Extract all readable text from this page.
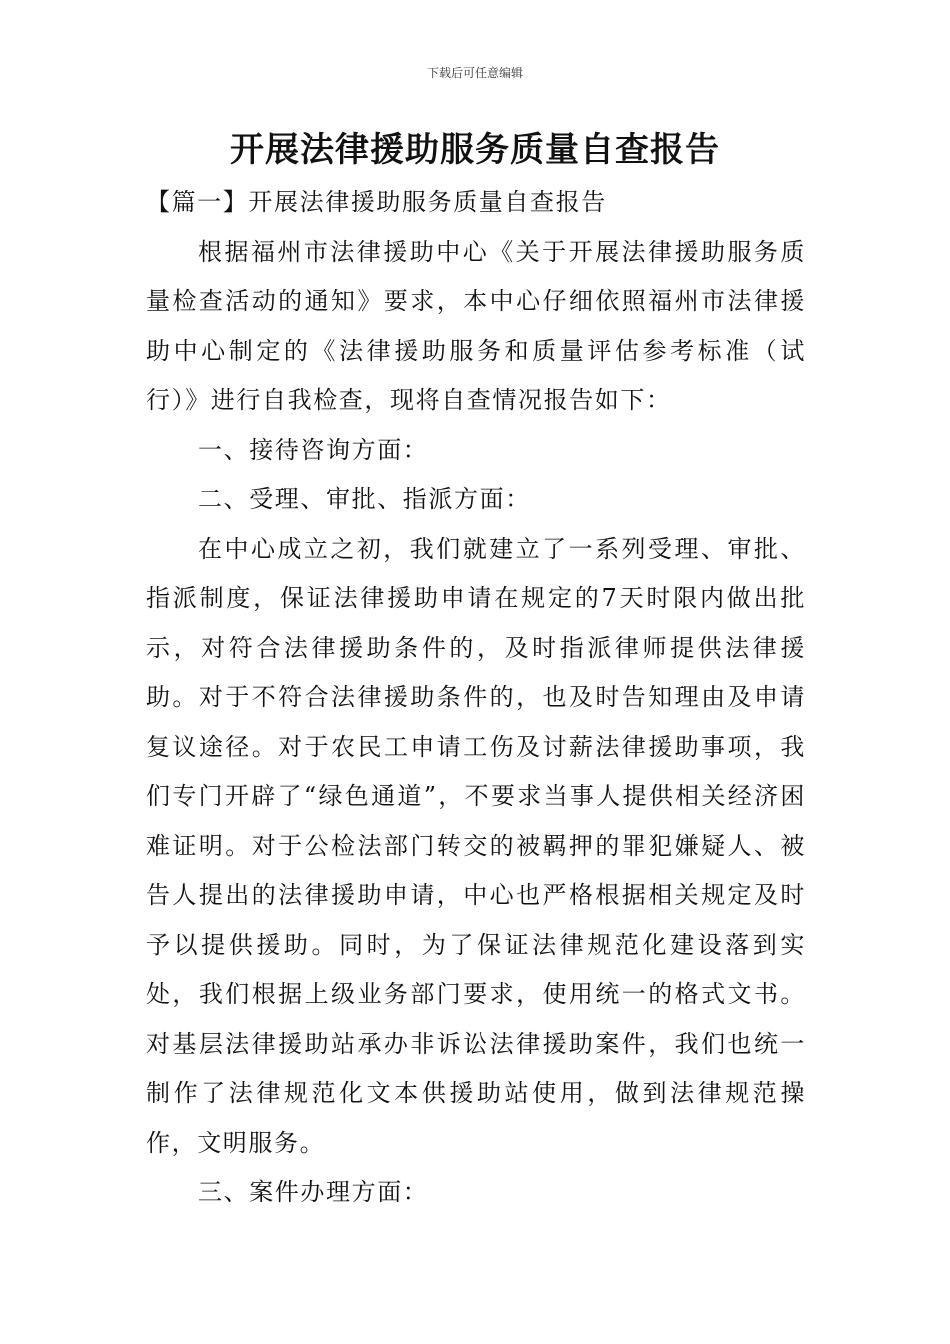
下载后可任意编辑
开展法律援助服务质量自查报告

【篇一】开展法律援助服务质量自查报告

根据福州市法律援助中心《关于开展法律援助服务质量检查活动的通知》要求，本中心仔细依照福州市法律援助中心制定的《法律援助服务和质量评估参考标准（试行）》进行自我检查，现将自查情况报告如下：

一、接待咨询方面：

二、受理、审批、指派方面：

在中心成立之初，我们就建立了一系列受理、审批、指派制度，保证法律援助申请在规定的7天时限内做出批示，对符合法律援助条件的，及时指派律师提供法律援助。对于不符合法律援助条件的，也及时告知理由及申请复议途径。对于农民工申请工伤及讨薪法律援助事项，我们专门开辟了“绿色通道”，不要求当事人提供相关经济困难证明。对于公检法部门转交的被羁押的罪犯嫌疑人、被告人提出的法律援助申请，中心也严格根据相关规定及时予以提供援助。同时，为了保证法律规范化建设落到实处，我们根据上级业务部门要求，使用统一的格式文书。对基层法律援助站承办非诉讼法律援助案件，我们也统一制作了法律规范化文本供援助站使用，做到法律规范操作，文明服务。

三、案件办理方面：
